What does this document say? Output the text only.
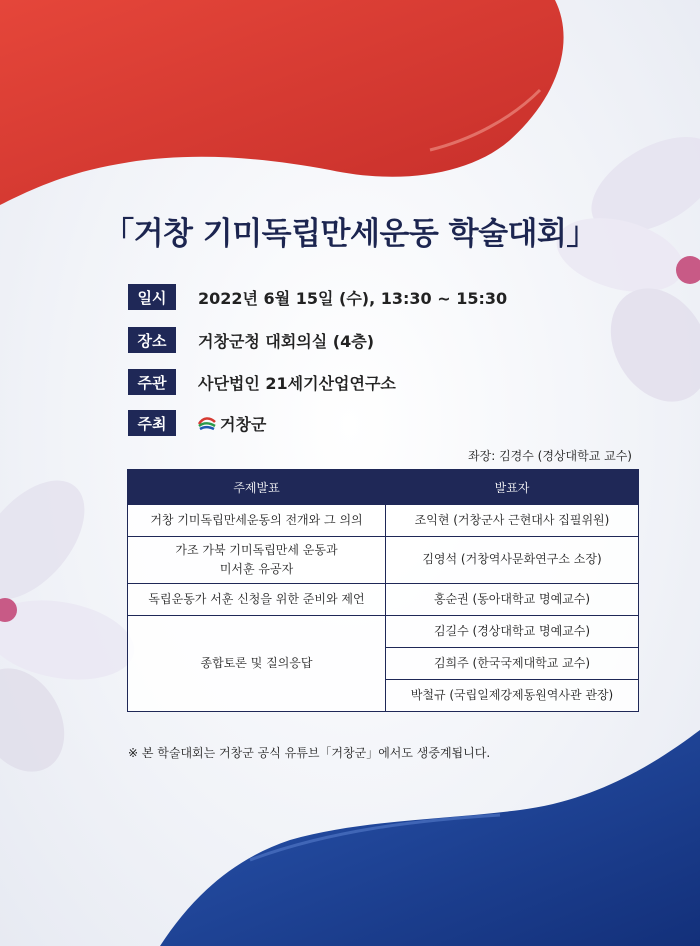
「거창 기미독립만세운동 학술대회」
일시	2022년 6월 15일 (수), 13:30 ~ 15:30
장소	거창군청 대회의실 (4층)
주관	사단법인 21세기산업연구소
주최	거창군
좌장: 김경수 (경상대학교 교수)
주제발표	발표자
거창 기미독립만세운동의 전개와 그 의의	조익현 (거창군사 근현대사 집필위원)
가조 가북 기미독립만세 운동과 미서훈 유공자	김영석 (거창역사문화연구소 소장)
독립운동가 서훈 신청을 위한 준비와 제언	홍순권 (동아대학교 명예교수)
종합토론 및 질의응답	김길수 (경상대학교 명예교수)
	김희주 (한국국제대학교 교수)
	박철규 (국립일제강제동원역사관 관장)
※ 본 학술대회는 거창군 공식 유튜브「거창군」에서도 생중계됩니다.
